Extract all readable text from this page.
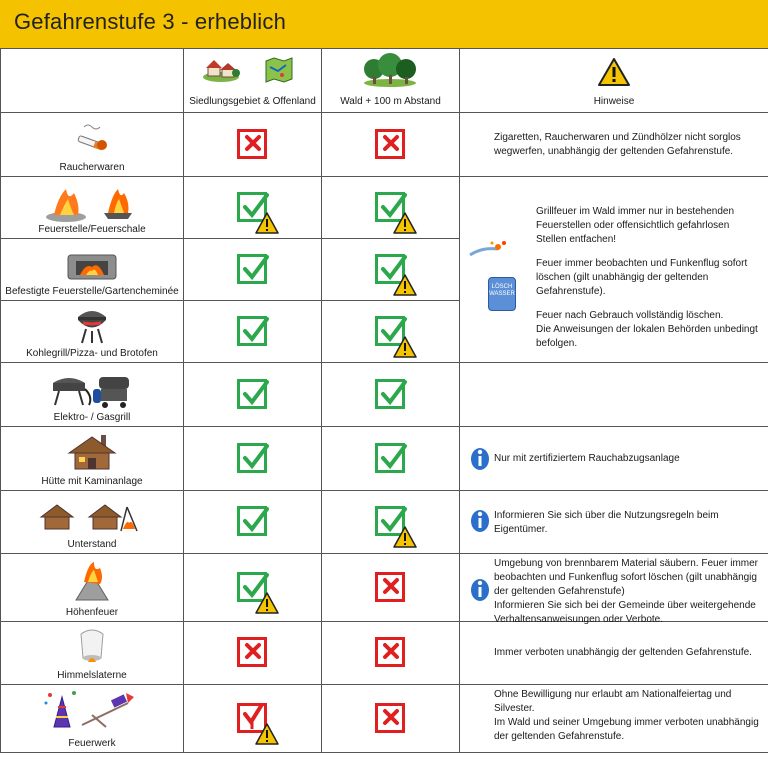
Gefahrenstufe 3 - erheblich

	Siedlungsgebiet & Offenland	Wald + 100 m Abstand	Hinweise

Raucherwaren			Zigaretten, Raucherwaren und Zündhölzer nicht sorglos wegwerfen, unabhängig der geltenden Gefahrenstufe.

Feuerstelle/Feuerschale			LÖSCH WASSER
Grillfeuer im Wald immer nur in bestehenden Feuerstellen oder offensichtlich gefahrlosen Stellen entfachen!
Feuer immer beobachten und Funkenflug sofort löschen (gilt unabhängig der geltenden Gefahrenstufe).
Feuer nach Gebrauch vollständig löschen.
Die Anweisungen der lokalen Behörden unbedingt befolgen.

Befestigte Feuerstelle/Gartencheminée

Kohlegrill/Pizza- und Brotofen

Elektro- / Gasgrill

Hütte mit Kaminanlage			Nur mit zertifiziertem Rauchabzugsanlage

Unterstand			Informieren Sie sich über die Nutzungsregeln beim Eigentümer.

Höhenfeuer			Umgebung von brennbarem Material säubern. Feuer immer beobachten und Funkenflug sofort löschen (gilt unabhängig der geltenden Gefahrenstufe)
Informieren Sie sich bei der Gemeinde über weitergehende Verhaltensanweisungen oder Verbote.

Himmelslaterne			Immer verboten unabhängig der geltenden Gefahrenstufe.

Feuerwerk			Ohne Bewilligung nur erlaubt am Nationalfeiertag und Silvester.
Im Wald und seiner Umgebung immer verboten unabhängig der geltenden Gefahrenstufe.
